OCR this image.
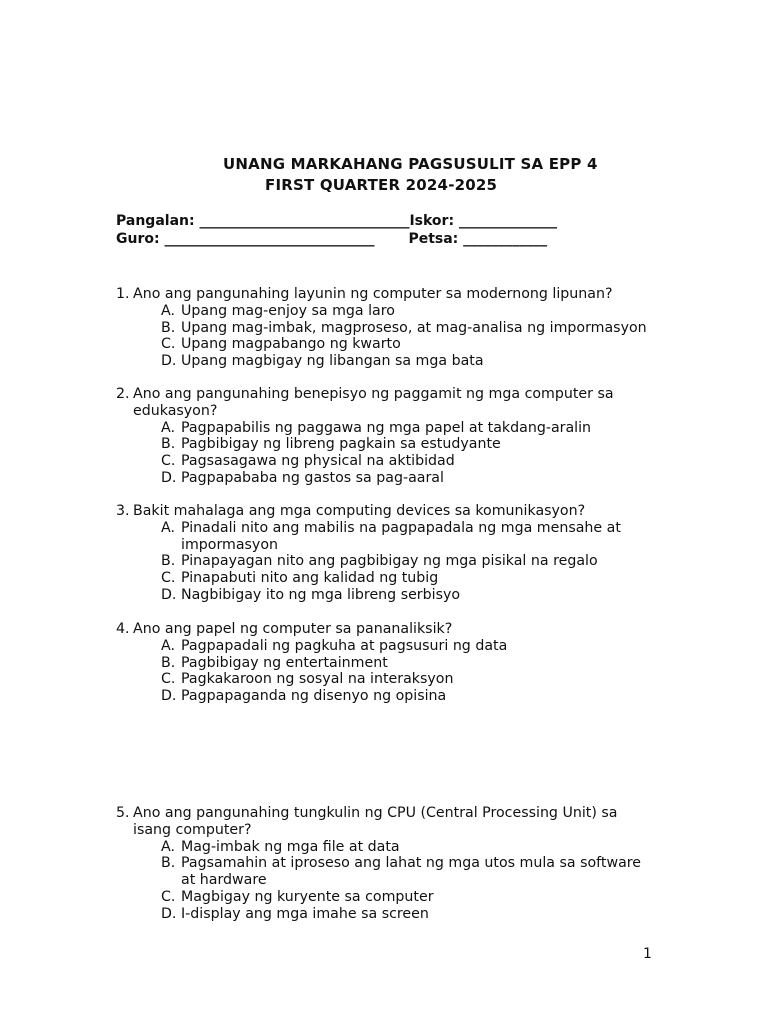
UNANG MARKAHANG PAGSUSULIT SA EPP 4
FIRST QUARTER 2024-2025
Pangalan: ______________________________Iskor: ______________
Guro: ______________________________ Petsa: ____________
1. Ano ang pangunahing layunin ng computer sa modernong lipunan?
A. Upang mag-enjoy sa mga laro
B. Upang mag-imbak, magproseso, at mag-analisa ng impormasyon
C. Upang magpabango ng kwarto
D. Upang magbigay ng libangan sa mga bata
2. Ano ang pangunahing benepisyo ng paggamit ng mga computer sa edukasyon?
A. Pagpapabilis ng paggawa ng mga papel at takdang-aralin
B. Pagbibigay ng libreng pagkain sa estudyante
C. Pagsasagawa ng physical na aktibidad
D. Pagpapababa ng gastos sa pag-aaral
3. Bakit mahalaga ang mga computing devices sa komunikasyon?
A. Pinadali nito ang mabilis na pagpapadala ng mga mensahe at impormasyon
B. Pinapayagan nito ang pagbibigay ng mga pisikal na regalo
C. Pinapabuti nito ang kalidad ng tubig
D. Nagbibigay ito ng mga libreng serbisyo
4. Ano ang papel ng computer sa pananaliksik?
A. Pagpapadali ng pagkuha at pagsusuri ng data
B. Pagbibigay ng entertainment
C. Pagkakaroon ng sosyal na interaksyon
D. Pagpapaganda ng disenyo ng opisina
5. Ano ang pangunahing tungkulin ng CPU (Central Processing Unit) sa isang computer?
A. Mag-imbak ng mga file at data
B. Pagsamahin at iproseso ang lahat ng mga utos mula sa software at hardware
C. Magbigay ng kuryente sa computer
D. I-display ang mga imahe sa screen
1
